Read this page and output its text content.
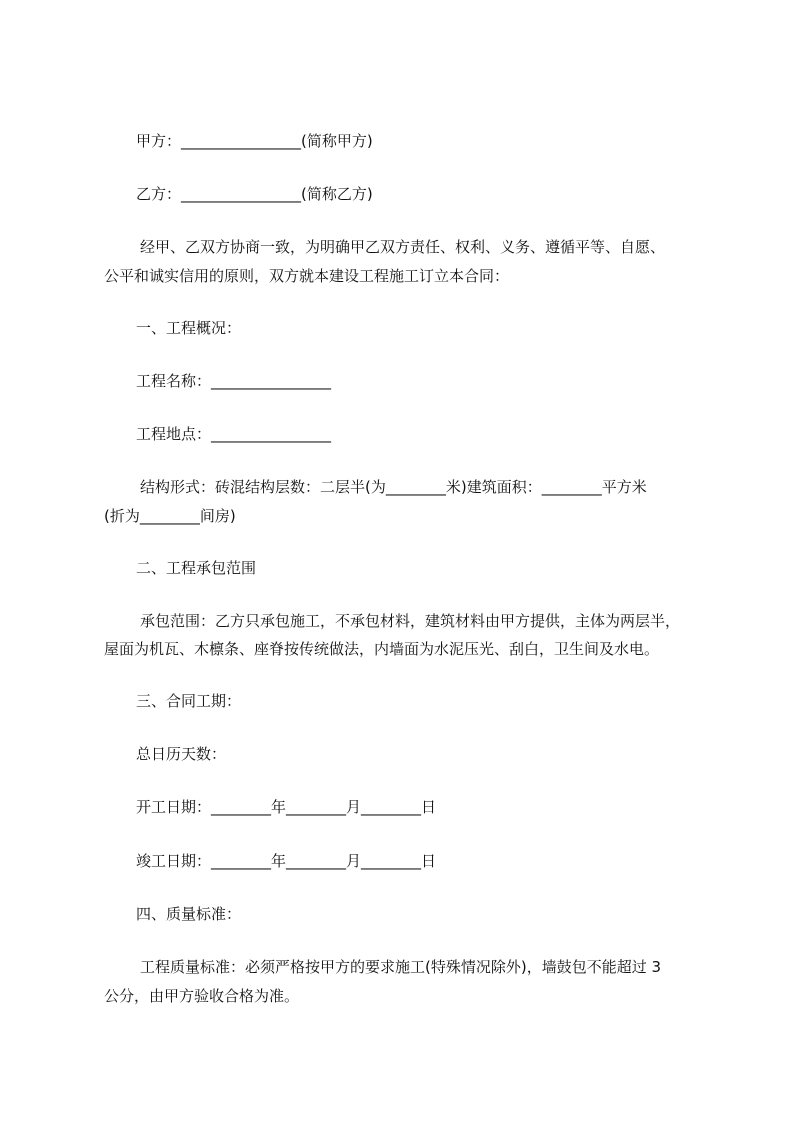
甲方：________________(简称甲方)
乙方：________________(简称乙方)
经甲、乙双方协商一致，为明确甲乙双方责任、权利、义务、遵循平等、自愿、
公平和诚实信用的原则，双方就本建设工程施工订立本合同：
一、工程概况：
工程名称：________________
工程地点：________________
结构形式：砖混结构层数：二层半(为________米)建筑面积：________平方米
(折为________间房)
二、工程承包范围
承包范围：乙方只承包施工，不承包材料，建筑材料由甲方提供，主体为两层半，
屋面为机瓦、木檩条、座脊按传统做法，内墙面为水泥压光、刮白，卫生间及水电。
三、合同工期：
总日历天数：
开工日期：________年________月________日
竣工日期：________年________月________日
四、质量标准：
工程质量标准：必须严格按甲方的要求施工(特殊情况除外)，墙鼓包不能超过 3
公分，由甲方验收合格为准。
